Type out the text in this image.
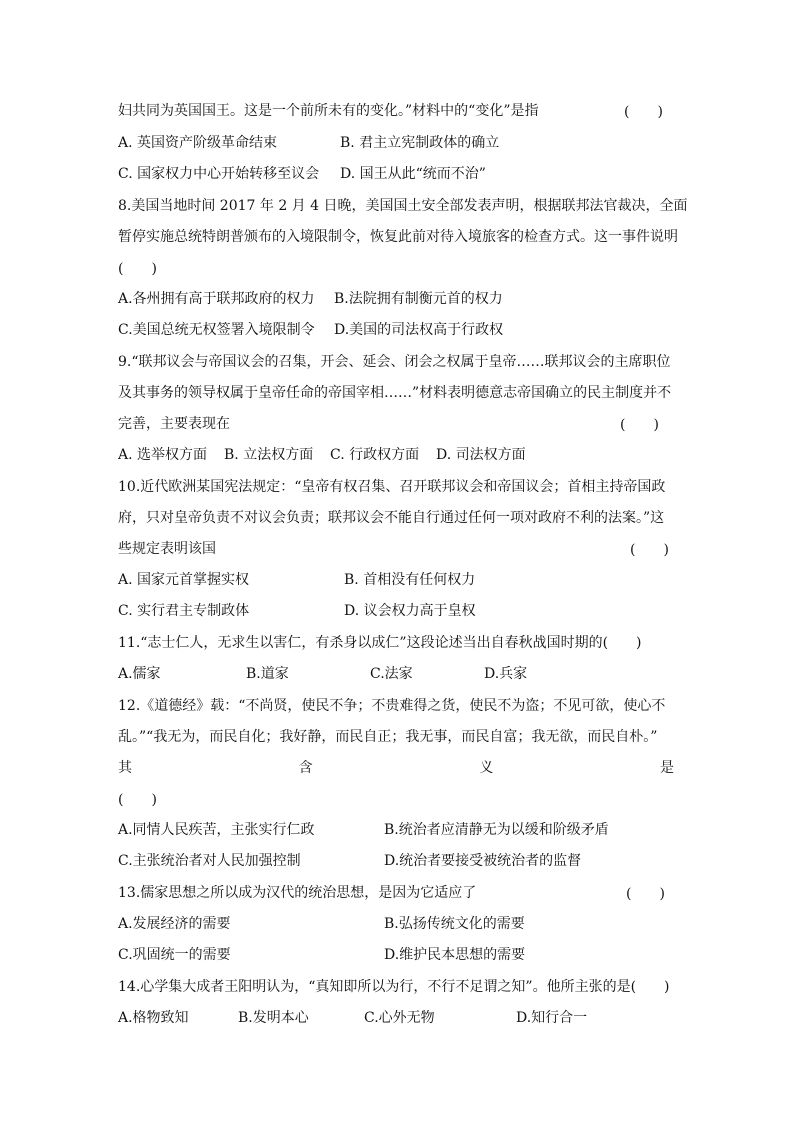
妇共同为英国国王。这是一个前所未有的变化。”材料中的“变化”是指	(　　)
A. 英国资产阶级革命结束	B. 君主立宪制政体的确立
C. 国家权力中心开始转移至议会 D. 国王从此“统而不治”
8.美国当地时间 2017 年 2 月 4 日晚，美国国土安全部发表声明，根据联邦法官裁决，全面
暂停实施总统特朗普颁布的入境限制令，恢复此前对待入境旅客的检查方式。这一事件说明
(　　)
A.各州拥有高于联邦政府的权力 B.法院拥有制衡元首的权力
C.美国总统无权签署入境限制令 D.美国的司法权高于行政权
9.“联邦议会与帝国议会的召集，开会、延会、闭会之权属于皇帝……联邦议会的主席职位
及其事务的领导权属于皇帝任命的帝国宰相……”材料表明德意志帝国确立的民主制度并不
完善，主要表现在	(　　)
A. 选举权方面 B. 立法权方面 C. 行政权方面 D. 司法权方面
10.近代欧洲某国宪法规定：“皇帝有权召集、召开联邦议会和帝国议会；首相主持帝国政
府，只对皇帝负责不对议会负责；联邦议会不能自行通过任何一项对政府不利的法案。”这
些规定表明该国	(　　)
A. 国家元首掌握实权	B. 首相没有任何权力
C. 实行君主专制政体	D. 议会权力高于皇权
11.“志士仁人，无求生以害仁，有杀身以成仁”这段论述当出自春秋战国时期的(　　)
A.儒家	B.道家	C.法家	D.兵家
12.《道德经》载：“不尚贤，使民不争；不贵难得之货，使民不为盗；不见可欲，使心不
乱。”“我无为，而民自化；我好静，而民自正；我无事，而民自富；我无欲，而民自朴。”
其	含	义	是
(　　)
A.同情人民疾苦，主张实行仁政	B.统治者应清静无为以缓和阶级矛盾
C.主张统治者对人民加强控制	D.统治者要接受被统治者的监督
13.儒家思想之所以成为汉代的统治思想，是因为它适应了	(　　)
A.发展经济的需要	B.弘扬传统文化的需要
C.巩固统一的需要	D.维护民本思想的需要
14.心学集大成者王阳明认为，“真知即所以为行，不行不足谓之知”。他所主张的是(　　)
A.格物致知	B.发明本心	C.心外无物	D.知行合一
